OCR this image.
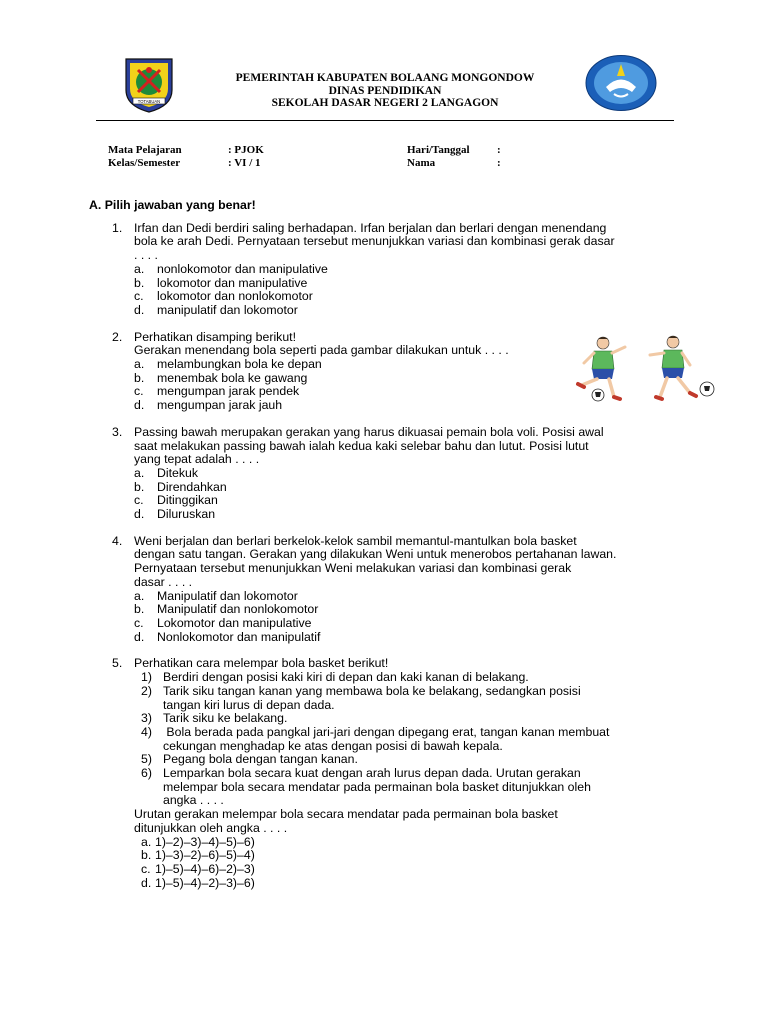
TOTABUAN
PEMERINTAH KABUPATEN BOLAANG MONGONDOW
DINAS PENDIDIKAN
SEKOLAH DASAR NEGERI 2 LANGAGON
Mata Pelajaran	: PJOK
Kelas/Semester	: VI / 1
Hari/Tanggal	:
Nama	:
A. Pilih jawaban yang benar!
1. Irfan dan Dedi berdiri saling berhadapan. Irfan berjalan dan berlari dengan menendang
bola ke arah Dedi. Pernyataan tersebut menunjukkan variasi dan kombinasi gerak dasar
. . . .
a. nonlokomotor dan manipulative
b. lokomotor dan manipulative
c. lokomotor dan nonlokomotor
d. manipulatif dan lokomotor
2. Perhatikan disamping berikut!
Gerakan menendang bola seperti pada gambar dilakukan untuk . . . .
a. melambungkan bola ke depan
b. menembak bola ke gawang
c. mengumpan jarak pendek
d. mengumpan jarak jauh
3. Passing bawah merupakan gerakan yang harus dikuasai pemain bola voli. Posisi awal
saat melakukan passing bawah ialah kedua kaki selebar bahu dan lutut. Posisi lutut
yang tepat adalah . . . .
a. Ditekuk
b. Direndahkan
c. Ditinggikan
d. Diluruskan
4. Weni berjalan dan berlari berkelok-kelok sambil memantul-mantulkan bola basket
dengan satu tangan. Gerakan yang dilakukan Weni untuk menerobos pertahanan lawan.
Pernyataan tersebut menunjukkan Weni melakukan variasi dan kombinasi gerak
dasar . . . .
a. Manipulatif dan lokomotor
b. Manipulatif dan nonlokomotor
c. Lokomotor dan manipulative
d. Nonlokomotor dan manipulatif
5. Perhatikan cara melempar bola basket berikut!
1) Berdiri dengan posisi kaki kiri di depan dan kaki kanan di belakang.
2) Tarik siku tangan kanan yang membawa bola ke belakang, sedangkan posisi
tangan kiri lurus di depan dada.
3) Tarik siku ke belakang.
4) Bola berada pada pangkal jari-jari dengan dipegang erat, tangan kanan membuat
cekungan menghadap ke atas dengan posisi di bawah kepala.
5) Pegang bola dengan tangan kanan.
6) Lemparkan bola secara kuat dengan arah lurus depan dada. Urutan gerakan
melempar bola secara mendatar pada permainan bola basket ditunjukkan oleh
angka . . . .
Urutan gerakan melempar bola secara mendatar pada permainan bola basket
ditunjukkan oleh angka . . . .
a. 1)–2)–3)–4)–5)–6)
b. 1)–3)–2)–6)–5)–4)
c. 1)–5)–4)–6)–2)–3)
d. 1)–5)–4)–2)–3)–6)
